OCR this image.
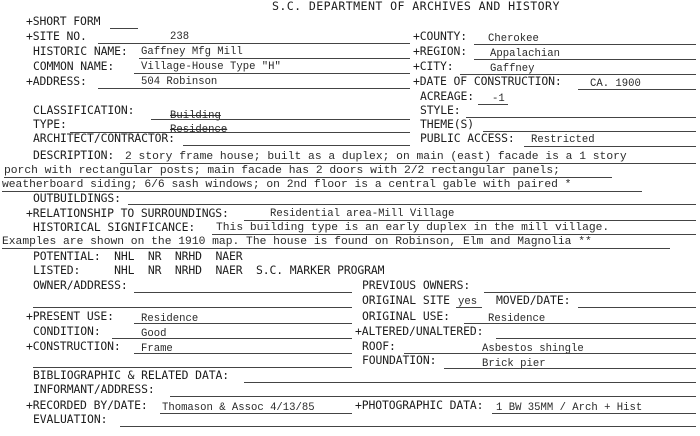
S.C. DEPARTMENT OF ARCHIVES AND HISTORY
+SHORT FORM
+SITE NO.	238	+COUNTY: Cherokee
HISTORIC NAME: Gaffney Mfg Mill	+REGION: Appalachian
COMMON NAME:	Village-House Type "H"	+CITY:	Gaffney
+ADDRESS:	504 Robinson	+DATE OF CONSTRUCTION:	CA. 1900
ACREAGE: -1
CLASSIFICATION:	Building	STYLE:
TYPE:	Residence	THEME(S)
ARCHITECT/CONTRACTOR:	PUBLIC ACCESS: Restricted
DESCRIPTION: 2 story frame house; built as a duplex; on main (east) facade is a 1 story
porch with rectangular posts; main facade has 2 doors with 2/2 rectangular panels;
weatherboard siding; 6/6 sash windows; on 2nd floor is a central gable with paired *
OUTBUILDINGS:
+RELATIONSHIP TO SURROUNDINGS:	Residential area-Mill Village
HISTORICAL SIGNIFICANCE: This building type is an early duplex in the mill village.
Examples are shown on the 1910 map. The house is found on Robinson, Elm and Magnolia **
POTENTIAL:  NHL  NR  NRHD  NAER
LISTED:     NHL  NR  NRHD  NAER  S.C. MARKER PROGRAM
OWNER/ADDRESS:	PREVIOUS OWNERS:
ORIGINAL SITE yes MOVED/DATE:
+PRESENT USE:	Residence	ORIGINAL USE:	Residence
CONDITION:	Good	+ALTERED/UNALTERED:
+CONSTRUCTION: Frame	ROOF:	Asbestos shingle
FOUNDATION:	Brick pier
BIBLIOGRAPHIC & RELATED DATA:
INFORMANT/ADDRESS:
+RECORDED BY/DATE: Thomason & Assoc 4/13/85	+PHOTOGRAPHIC DATA: 1 BW 35MM / Arch + Hist
EVALUATION:
